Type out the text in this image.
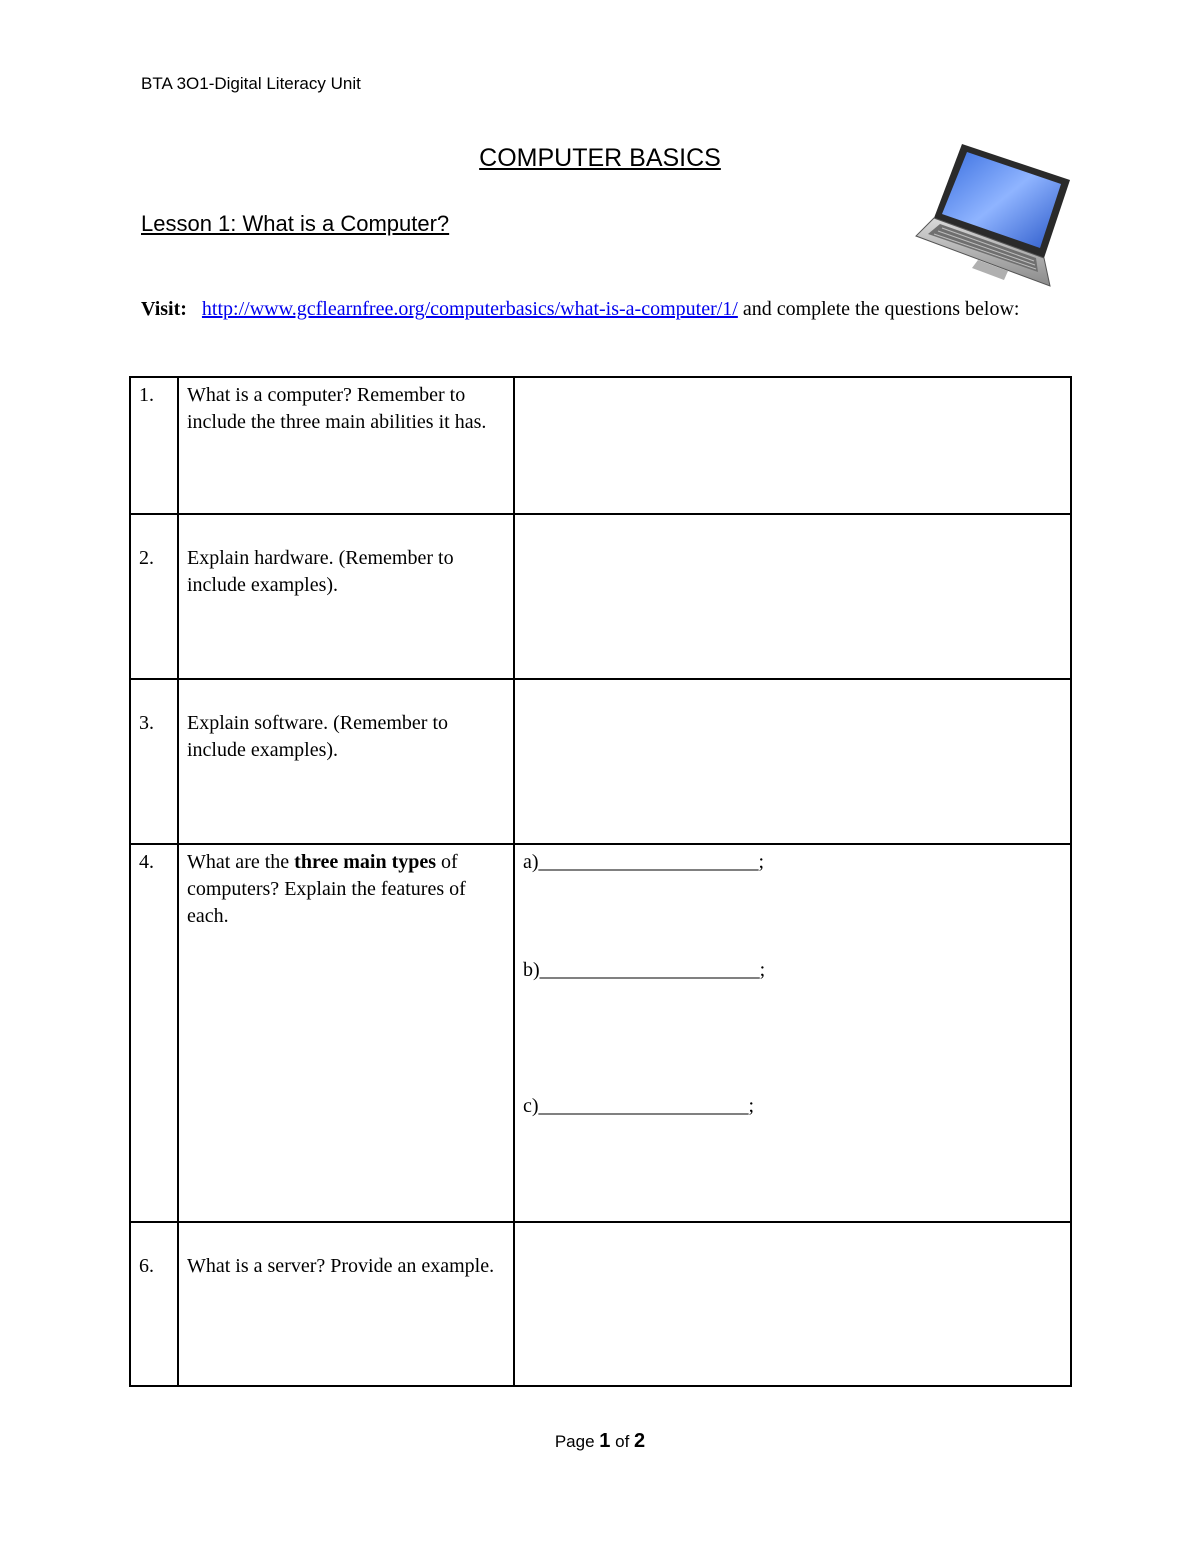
BTA 3O1-Digital Literacy Unit
COMPUTER BASICS
Lesson 1: What is a Computer?
Visit: http://www.gcflearnfree.org/computerbasics/what-is-a-computer/1/ and complete the questions below:
1.	What is a computer? Remember to include the three main abilities it has.	
2.	Explain hardware. (Remember to include examples).	
3.	Explain software. (Remember to include examples).	
4.	What are the three main types of computers? Explain the features of each.	a)______________________;
b)______________________;
c)_____________________;

6.	What is a server? Provide an example.	
Page 1 of 2
